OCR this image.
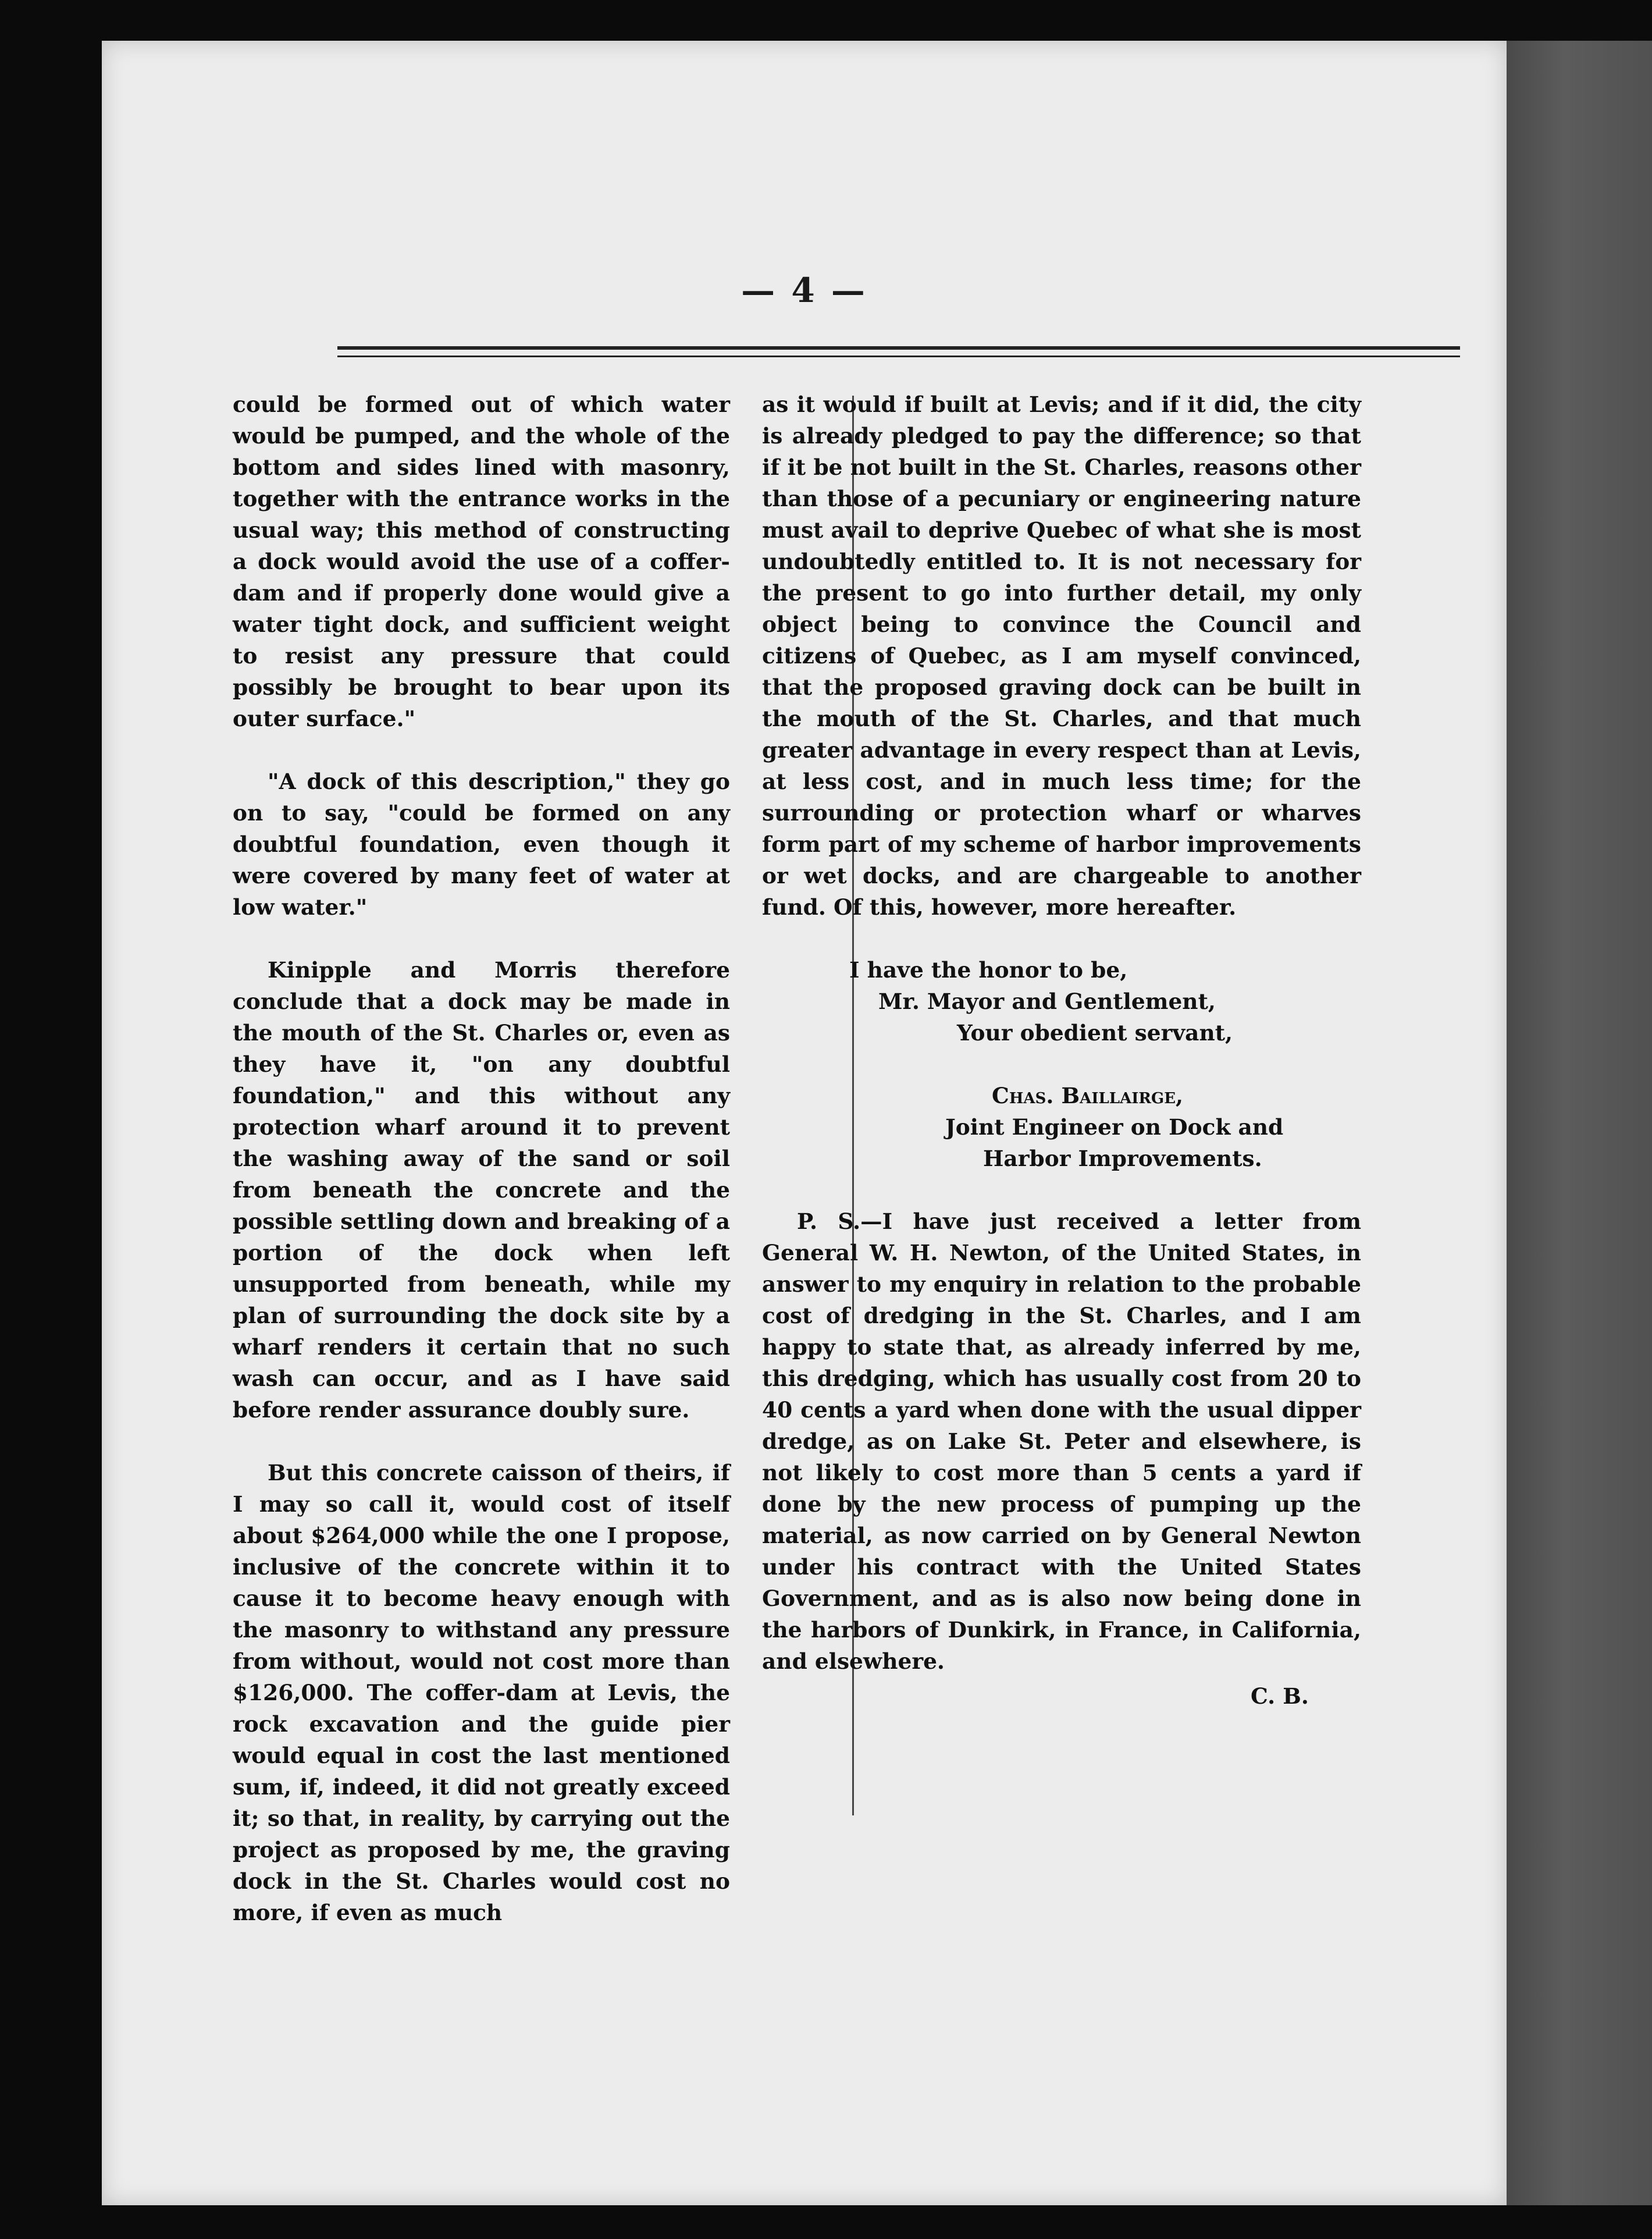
— 4 —

could be formed out of which water would be pumped, and the whole of the bottom and sides lined with masonry, together with the entrance works in the usual way; this method of constructing a dock would avoid the use of a coffer-dam and if properly done would give a water tight dock, and sufficient weight to resist any pressure that could possibly be brought to bear upon its outer surface."

"A dock of this description," they go on to say, "could be formed on any doubtful foundation, even though it were covered by many feet of water at low water."

Kinipple and Morris therefore conclude that a dock may be made in the mouth of the St. Charles or, even as they have it, "on any doubtful foundation," and this without any protection wharf around it to prevent the washing away of the sand or soil from beneath the concrete and the possible settling down and breaking of a portion of the dock when left unsupported from beneath, while my plan of surrounding the dock site by a wharf renders it certain that no such wash can occur, and as I have said before render assurance doubly sure.

But this concrete caisson of theirs, if I may so call it, would cost of itself about $264,000 while the one I propose, inclusive of the concrete within it to cause it to become heavy enough with the masonry to withstand any pressure from without, would not cost more than $126,000. The coffer-dam at Levis, the rock excavation and the guide pier would equal in cost the last mentioned sum, if, indeed, it did not greatly exceed it; so that, in reality, by carrying out the project as proposed by me, the graving dock in the St. Charles would cost no more, if even as much

as it would if built at Levis; and if it did, the city is already pledged to pay the difference; so that if it be not built in the St. Charles, reasons other than those of a pecuniary or engineering nature must avail to deprive Quebec of what she is most undoubtedly entitled to. It is not necessary for the present to go into further detail, my only object being to convince the Council and citizens of Quebec, as I am myself convinced, that the proposed graving dock can be built in the mouth of the St. Charles, and that much greater advantage in every respect than at Levis, at less cost, and in much less time; for the surrounding or protection wharf or wharves form part of my scheme of harbor improvements or wet docks, and are chargeable to another fund. Of this, however, more hereafter.

I have the honor to be,
Mr. Mayor and Gentlement,
Your obedient servant,
Chas. Baillairge,
Joint Engineer on Dock and
Harbor Improvements.

P. S.—I have just received a letter from General W. H. Newton, of the United States, in answer to my enquiry in relation to the probable cost of dredging in the St. Charles, and I am happy to state that, as already inferred by me, this dredging, which has usually cost from 20 to 40 cents a yard when done with the usual dipper dredge, as on Lake St. Peter and elsewhere, is not likely to cost more than 5 cents a yard if done by the new process of pumping up the material, as now carried on by General Newton under his contract with the United States Government, and as is also now being done in the harbors of Dunkirk, in France, in California, and elsewhere.

C. B.
